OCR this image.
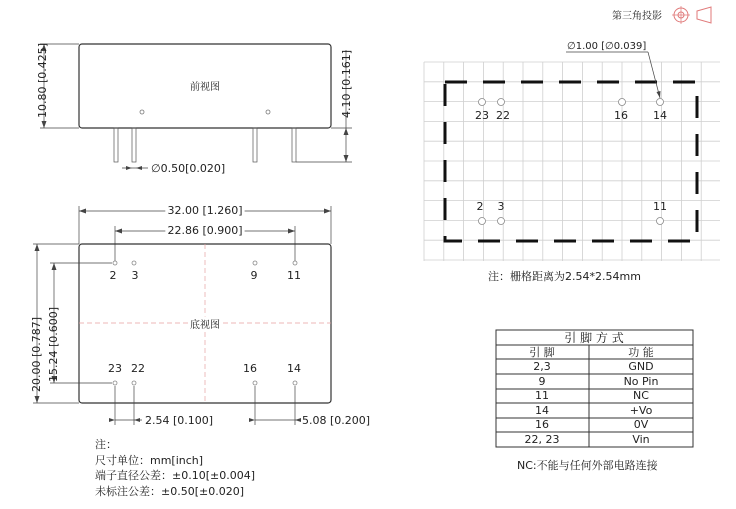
第三角投影
前视图
10.80 [0.425]	4.10 [0.161]
∅0.50[0.020]
32.00 [1.260]
22.86 [0.900]
底视图
2 3	9	11
23 22	16	14
20.00 [0.787] 15.24 [0.600]
2.54 [0.100]	5.08 [0.200]
注：
尺寸单位：mm[inch]
端子直径公差：±0.10[±0.004]
未标注公差：±0.50[±0.020]
23 22	16 14
2 3	11
∅1.00 [∅0.039]
注：栅格距离为2.54*2.54mm
引 脚 方 式
引 脚	功 能
2,3	GND
9	No Pin
11	NC
14	+Vo
16	0V
22, 23	Vin
NC:不能与任何外部电路连接
